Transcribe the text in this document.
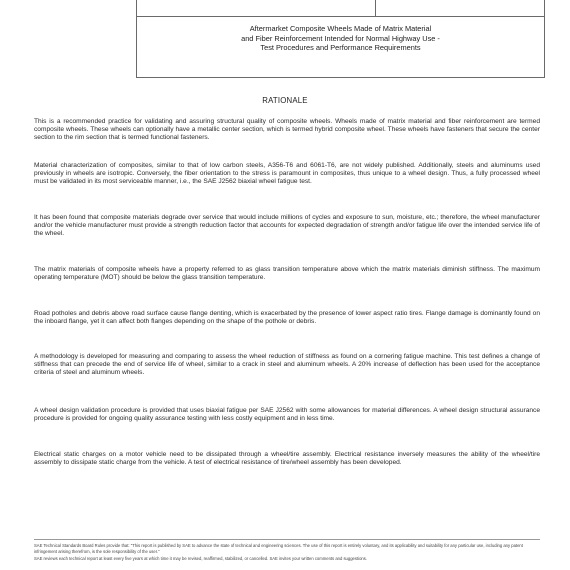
Aftermarket Composite Wheels Made of Matrix Material
and Fiber Reinforcement Intended for Normal Highway Use -
Test Procedures and Performance Requirements
RATIONALE

This is a recommended practice for validating and assuring structural quality of composite wheels. Wheels made of matrix material and fiber reinforcement are termed composite wheels. These wheels can optionally have a metallic center section, which is termed hybrid composite wheel. These wheels have fasteners that secure the center section to the rim section that is termed functional fasteners.

Material characterization of composites, similar to that of low carbon steels, A356-T6 and 6061-T6, are not widely published. Additionally, steels and aluminums used previously in wheels are isotropic. Conversely, the fiber orientation to the stress is paramount in composites, thus unique to a wheel design. Thus, a fully processed wheel must be validated in its most serviceable manner, i.e., the SAE J2562 biaxial wheel fatigue test.

It has been found that composite materials degrade over service that would include millions of cycles and exposure to sun, moisture, etc.; therefore, the wheel manufacturer and/or the vehicle manufacturer must provide a strength reduction factor that accounts for expected degradation of strength and/or fatigue life over the intended service life of the wheel.

The matrix materials of composite wheels have a property referred to as glass transition temperature above which the matrix materials diminish stiffness. The maximum operating temperature (MOT) should be below the glass transition temperature.

Road potholes and debris above road surface cause flange denting, which is exacerbated by the presence of lower aspect ratio tires. Flange damage is dominantly found on the inboard flange, yet it can affect both flanges depending on the shape of the pothole or debris.

A methodology is developed for measuring and comparing to assess the wheel reduction of stiffness as found on a cornering fatigue machine. This test defines a change of stiffness that can precede the end of service life of wheel, similar to a crack in steel and aluminum wheels. A 20% increase of deflection has been used for the acceptance criteria of steel and aluminum wheels.

A wheel design validation procedure is provided that uses biaxial fatigue per SAE J2562 with some allowances for material differences. A wheel design structural assurance procedure is provided for ongoing quality assurance testing with less costly equipment and in less time.

Electrical static charges on a motor vehicle need to be dissipated through a wheel/tire assembly. Electrical resistance inversely measures the ability of the wheel/tire assembly to dissipate static charge from the vehicle. A test of electrical resistance of tire/wheel assembly has been developed.

SAE Technical Standards Board Rules provide that: "This report is published by SAE to advance the state of technical and engineering sciences. The use of this report is entirely voluntary, and its applicability and suitability for any particular use, including any patent infringement arising therefrom, is the sole responsibility of the user."
SAE reviews each technical report at least every five years at which time it may be revised, reaffirmed, stabilized, or cancelled. SAE invites your written comments and suggestions.
